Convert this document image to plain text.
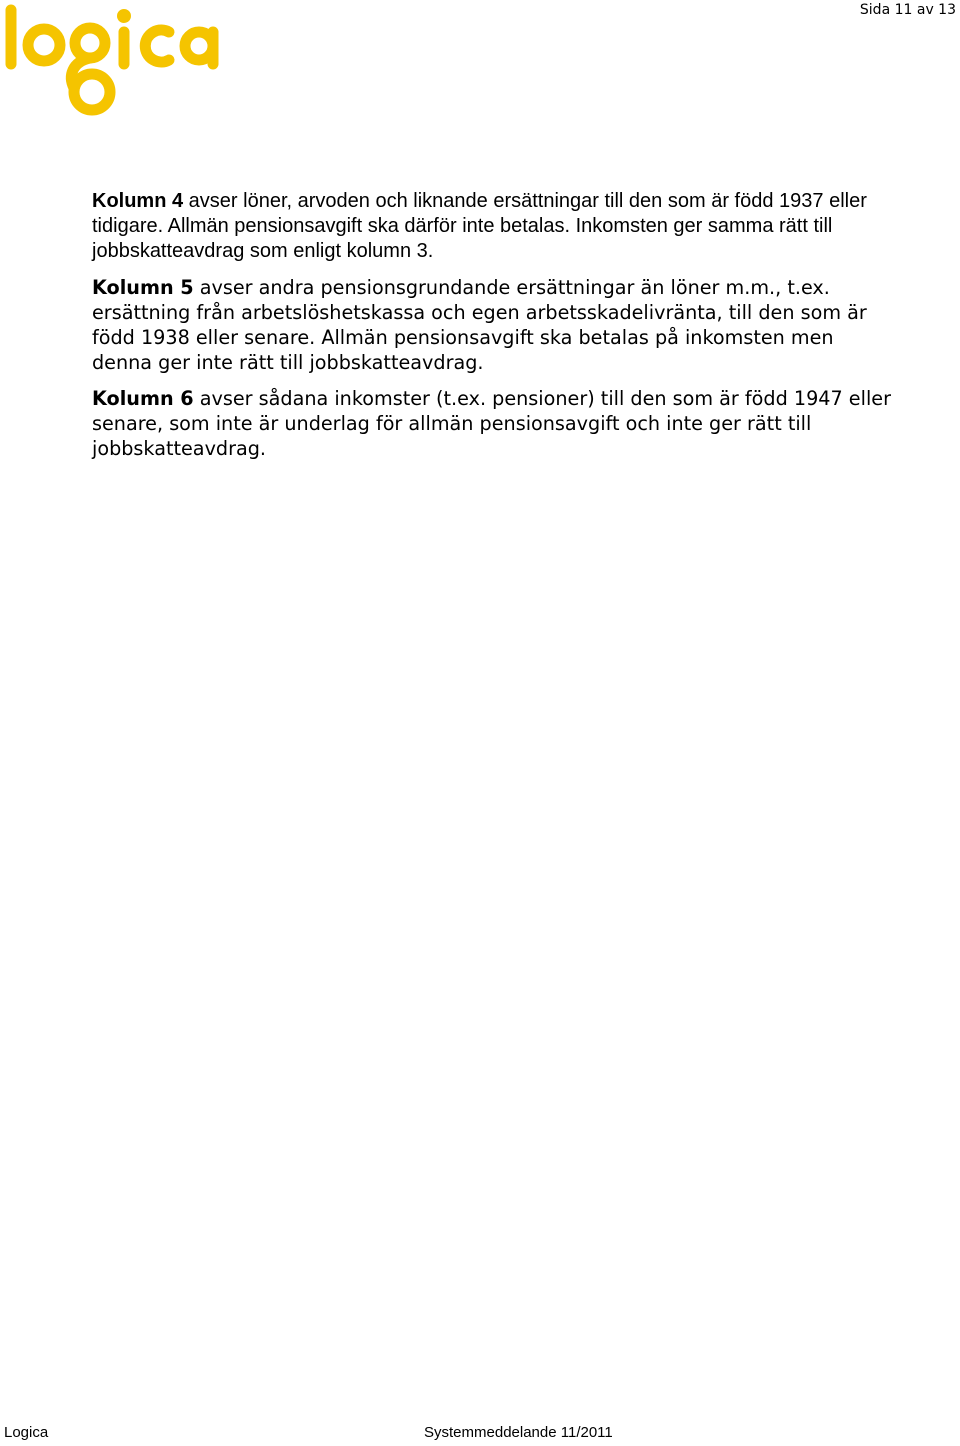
Sida 11 av 13

Kolumn 4 avser löner, arvoden och liknande ersättningar till den som är född 1937 eller tidigare. Allmän pensionsavgift ska därför inte betalas. Inkomsten ger samma rätt till jobbskatteavdrag som enligt kolumn 3.

Kolumn 5 avser andra pensionsgrundande ersättningar än löner m.m., t.ex. ersättning från arbetslöshetskassa och egen arbetsskadelivränta, till den som är född 1938 eller senare. Allmän pensionsavgift ska betalas på inkomsten men denna ger inte rätt till jobbskatteavdrag.

Kolumn 6 avser sådana inkomster (t.ex. pensioner) till den som är född 1947 eller senare, som inte är underlag för allmän pensionsavgift och inte ger rätt till jobbskatteavdrag.

Logica	Systemmeddelande 11/2011
